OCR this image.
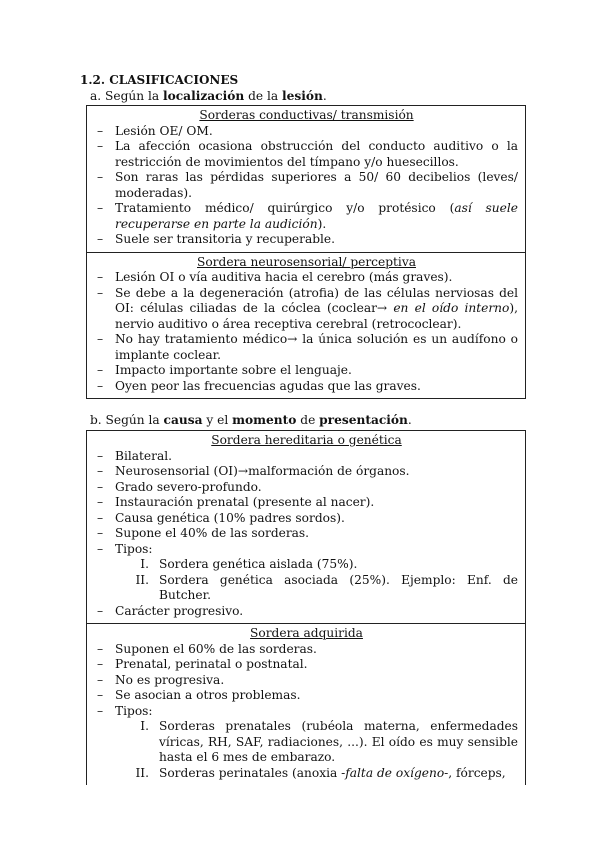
1.2. CLASIFICACIONES
a. Según la localización de la lesión.
Sorderas conductivas/ transmisión
– Lesión OE/ OM.
– La afección ocasiona obstrucción del conducto auditivo o la restricción de movimientos del tímpano y/o huesecillos.
– Son raras las pérdidas superiores a 50/ 60 decibelios (leves/ moderadas).
– Tratamiento médico/ quirúrgico y/o protésico (así suele recuperarse en parte la audición).
– Suele ser transitoria y recuperable.
Sordera neurosensorial/ perceptiva
– Lesión OI o vía auditiva hacia el cerebro (más graves).
– Se debe a la degeneración (atrofia) de las células nerviosas del OI: células ciliadas de la cóclea (coclear→ en el oído interno), nervio auditivo o área receptiva cerebral (retrococlear).
– No hay tratamiento médico→ la única solución es un audífono o implante coclear.
– Impacto importante sobre el lenguaje.
– Oyen peor las frecuencias agudas que las graves.
b. Según la causa y el momento de presentación.
Sordera hereditaria o genética
– Bilateral.
– Neurosensorial (OI)→malformación de órganos.
– Grado severo-profundo.
– Instauración prenatal (presente al nacer).
– Causa genética (10% padres sordos).
– Supone el 40% de las sorderas.
– Tipos:
I. Sordera genética aislada (75%).
II. Sordera genética asociada (25%). Ejemplo: Enf. de Butcher.
– Carácter progresivo.
Sordera adquirida
– Suponen el 60% de las sorderas.
– Prenatal, perinatal o postnatal.
– No es progresiva.
– Se asocian a otros problemas.
– Tipos:
I. Sorderas prenatales (rubéola materna, enfermedades víricas, RH, SAF, radiaciones, ...). El oído es muy sensible hasta el 6 mes de embarazo.
II. Sorderas perinatales (anoxia -falta de oxígeno-, fórceps,
